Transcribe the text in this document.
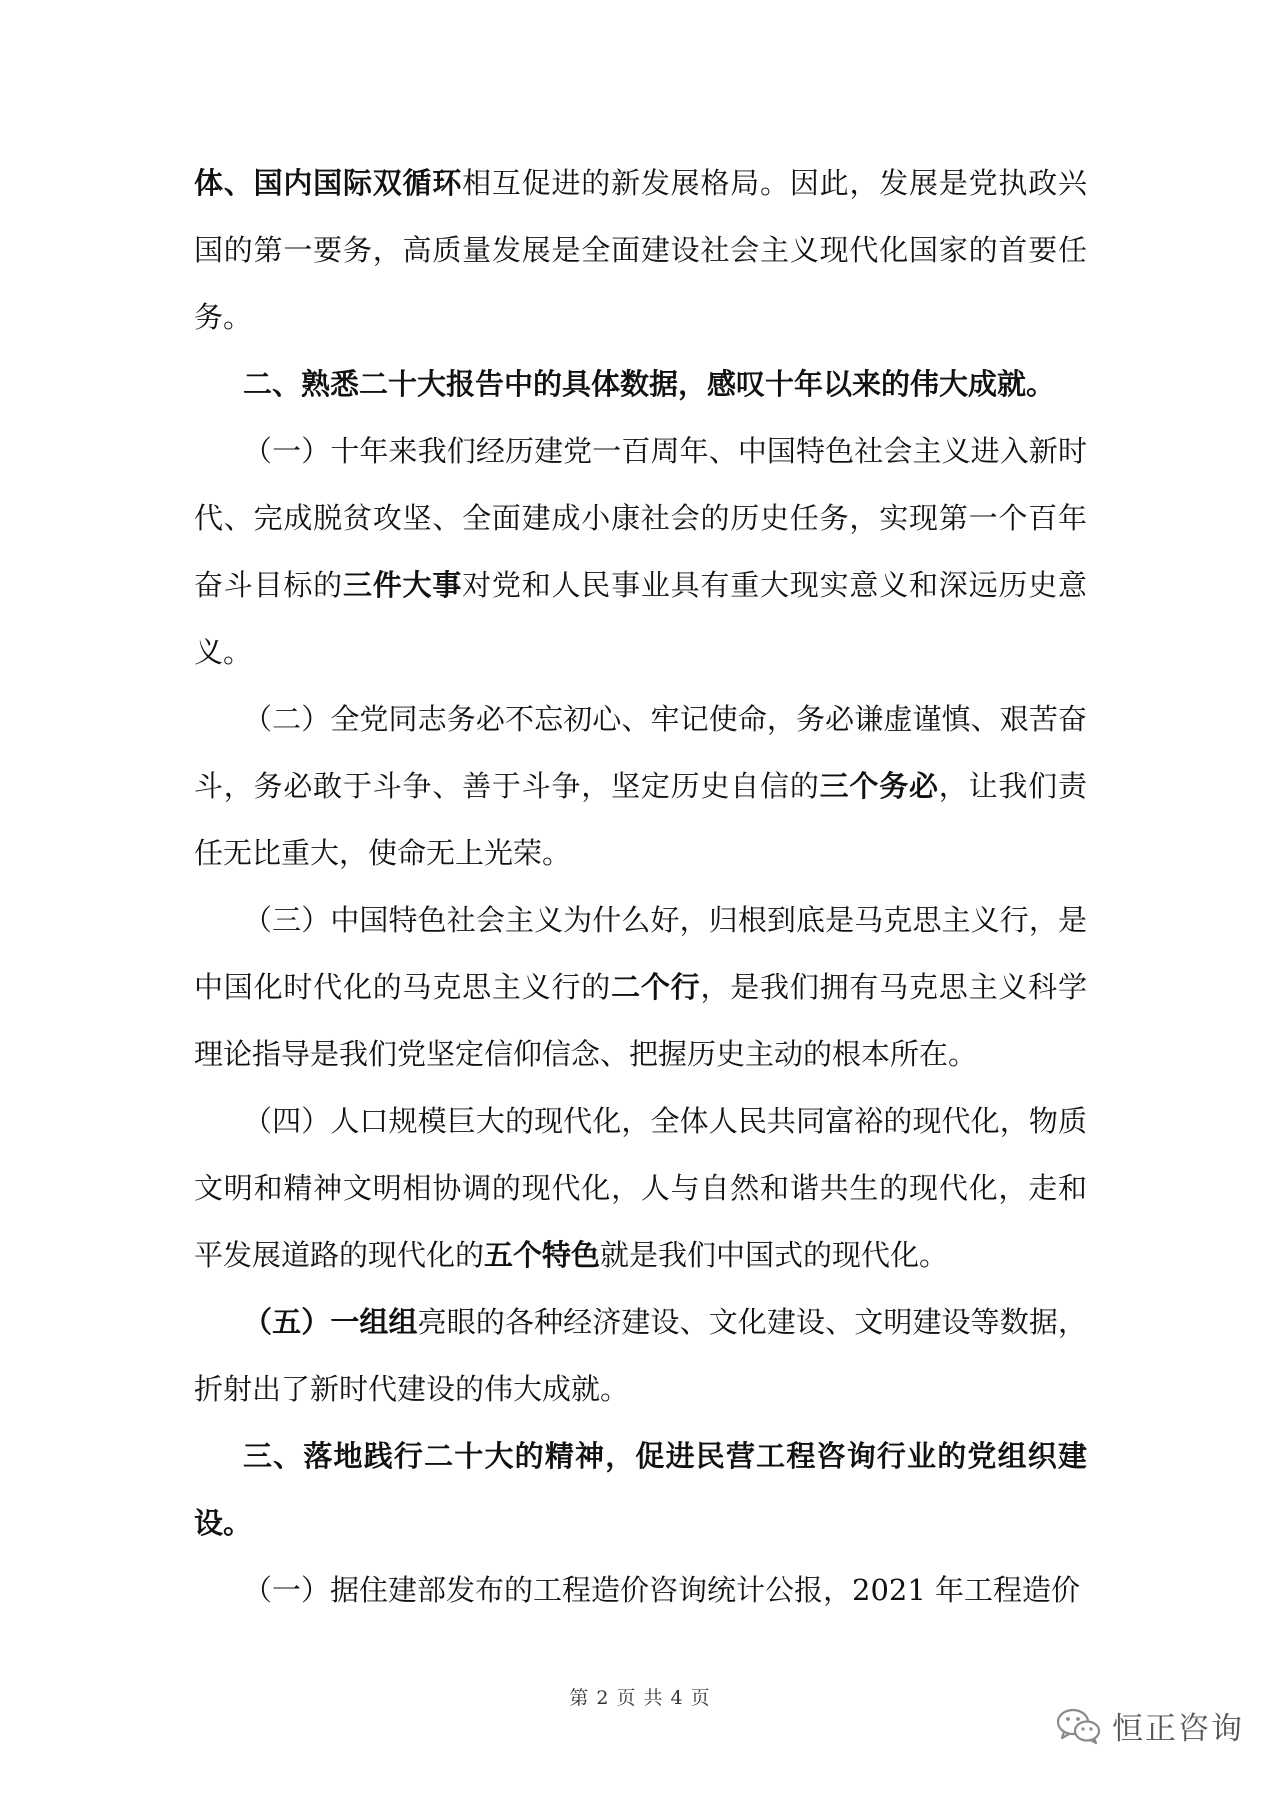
体、国内国际双循环相互促进的新发展格局。因此，发展是党执政兴国的第一要务，高质量发展是全面建设社会主义现代化国家的首要任务。

二、熟悉二十大报告中的具体数据，感叹十年以来的伟大成就。

（一）十年来我们经历建党一百周年、中国特色社会主义进入新时代、完成脱贫攻坚、全面建成小康社会的历史任务，实现第一个百年奋斗目标的三件大事对党和人民事业具有重大现实意义和深远历史意义。

（二）全党同志务必不忘初心、牢记使命，务必谦虚谨慎、艰苦奋斗，务必敢于斗争、善于斗争，坚定历史自信的三个务必，让我们责任无比重大，使命无上光荣。

（三）中国特色社会主义为什么好，归根到底是马克思主义行，是中国化时代化的马克思主义行的二个行，是我们拥有马克思主义科学理论指导是我们党坚定信仰信念、把握历史主动的根本所在。

（四）人口规模巨大的现代化，全体人民共同富裕的现代化，物质文明和精神文明相协调的现代化，人与自然和谐共生的现代化，走和平发展道路的现代化的五个特色就是我们中国式的现代化。

（五）一组组亮眼的各种经济建设、文化建设、文明建设等数据，折射出了新时代建设的伟大成就。

三、落地践行二十大的精神，促进民营工程咨询行业的党组织建设。

（一）据住建部发布的工程造价咨询统计公报，2021 年工程造价

第 2 页 共 4 页
恒正咨询
